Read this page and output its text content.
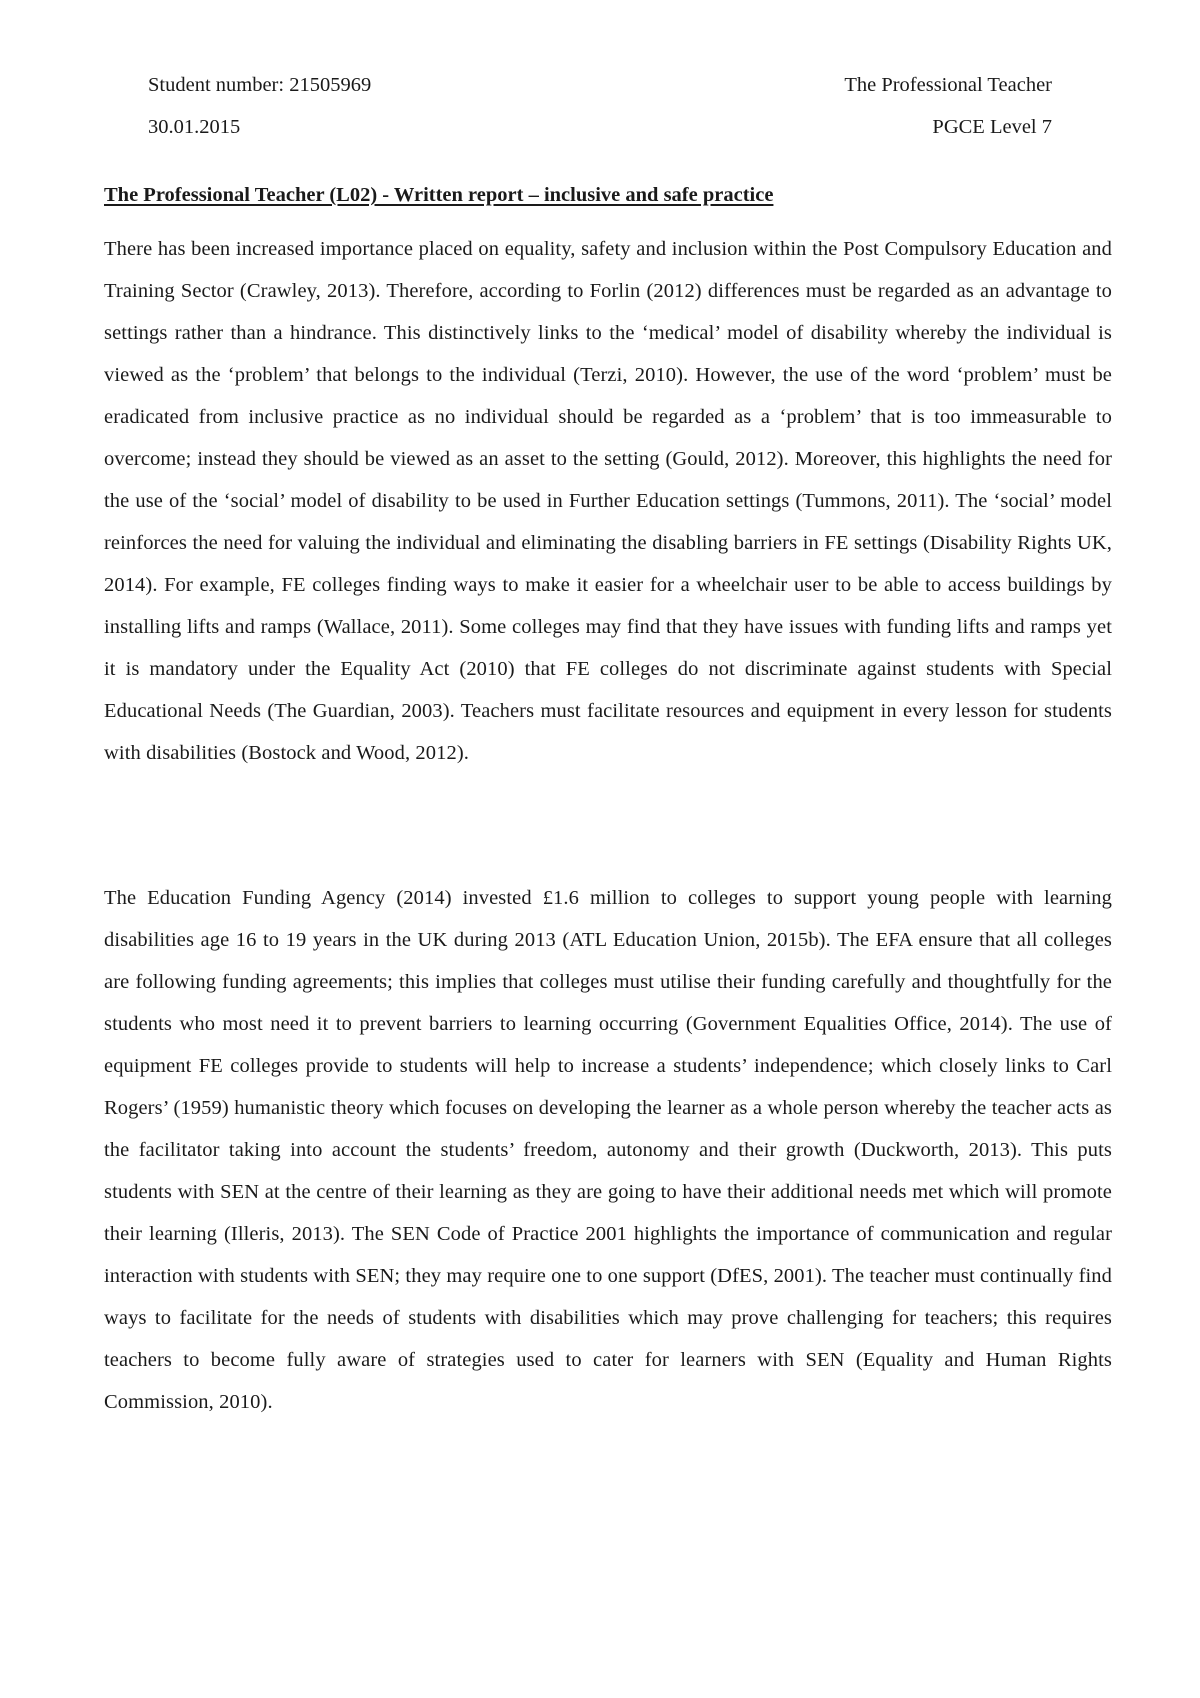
Student number: 21505969	The Professional Teacher
30.01.2015	PGCE Level 7
The Professional Teacher (L02) - Written report – inclusive and safe practice

There has been increased importance placed on equality, safety and inclusion within the Post Compulsory Education and Training Sector (Crawley, 2013). Therefore, according to Forlin (2012) differences must be regarded as an advantage to settings rather than a hindrance. This distinctively links to the ‘medical’ model of disability whereby the individual is viewed as the ‘problem’ that belongs to the individual (Terzi, 2010). However, the use of the word ‘problem’ must be eradicated from inclusive practice as no individual should be regarded as a ‘problem’ that is too immeasurable to overcome; instead they should be viewed as an asset to the setting (Gould, 2012). Moreover, this highlights the need for the use of the ‘social’ model of disability to be used in Further Education settings (Tummons, 2011). The ‘social’ model reinforces the need for valuing the individual and eliminating the disabling barriers in FE settings (Disability Rights UK, 2014). For example, FE colleges finding ways to make it easier for a wheelchair user to be able to access buildings by installing lifts and ramps (Wallace, 2011). Some colleges may find that they have issues with funding lifts and ramps yet it is mandatory under the Equality Act (2010) that FE colleges do not discriminate against students with Special Educational Needs (The Guardian, 2003). Teachers must facilitate resources and equipment in every lesson for students with disabilities (Bostock and Wood, 2012).

The Education Funding Agency (2014) invested £1.6 million to colleges to support young people with learning disabilities age 16 to 19 years in the UK during 2013 (ATL Education Union, 2015b). The EFA ensure that all colleges are following funding agreements; this implies that colleges must utilise their funding carefully and thoughtfully for the students who most need it to prevent barriers to learning occurring (Government Equalities Office, 2014). The use of equipment FE colleges provide to students will help to increase a students’ independence; which closely links to Carl Rogers’ (1959) humanistic theory which focuses on developing the learner as a whole person whereby the teacher acts as the facilitator taking into account the students’ freedom, autonomy and their growth (Duckworth, 2013). This puts students with SEN at the centre of their learning as they are going to have their additional needs met which will promote their learning (Illeris, 2013). The SEN Code of Practice 2001 highlights the importance of communication and regular interaction with students with SEN; they may require one to one support (DfES, 2001). The teacher must continually find ways to facilitate for the needs of students with disabilities which may prove challenging for teachers; this requires teachers to become fully aware of strategies used to cater for learners with SEN (Equality and Human Rights Commission, 2010).
